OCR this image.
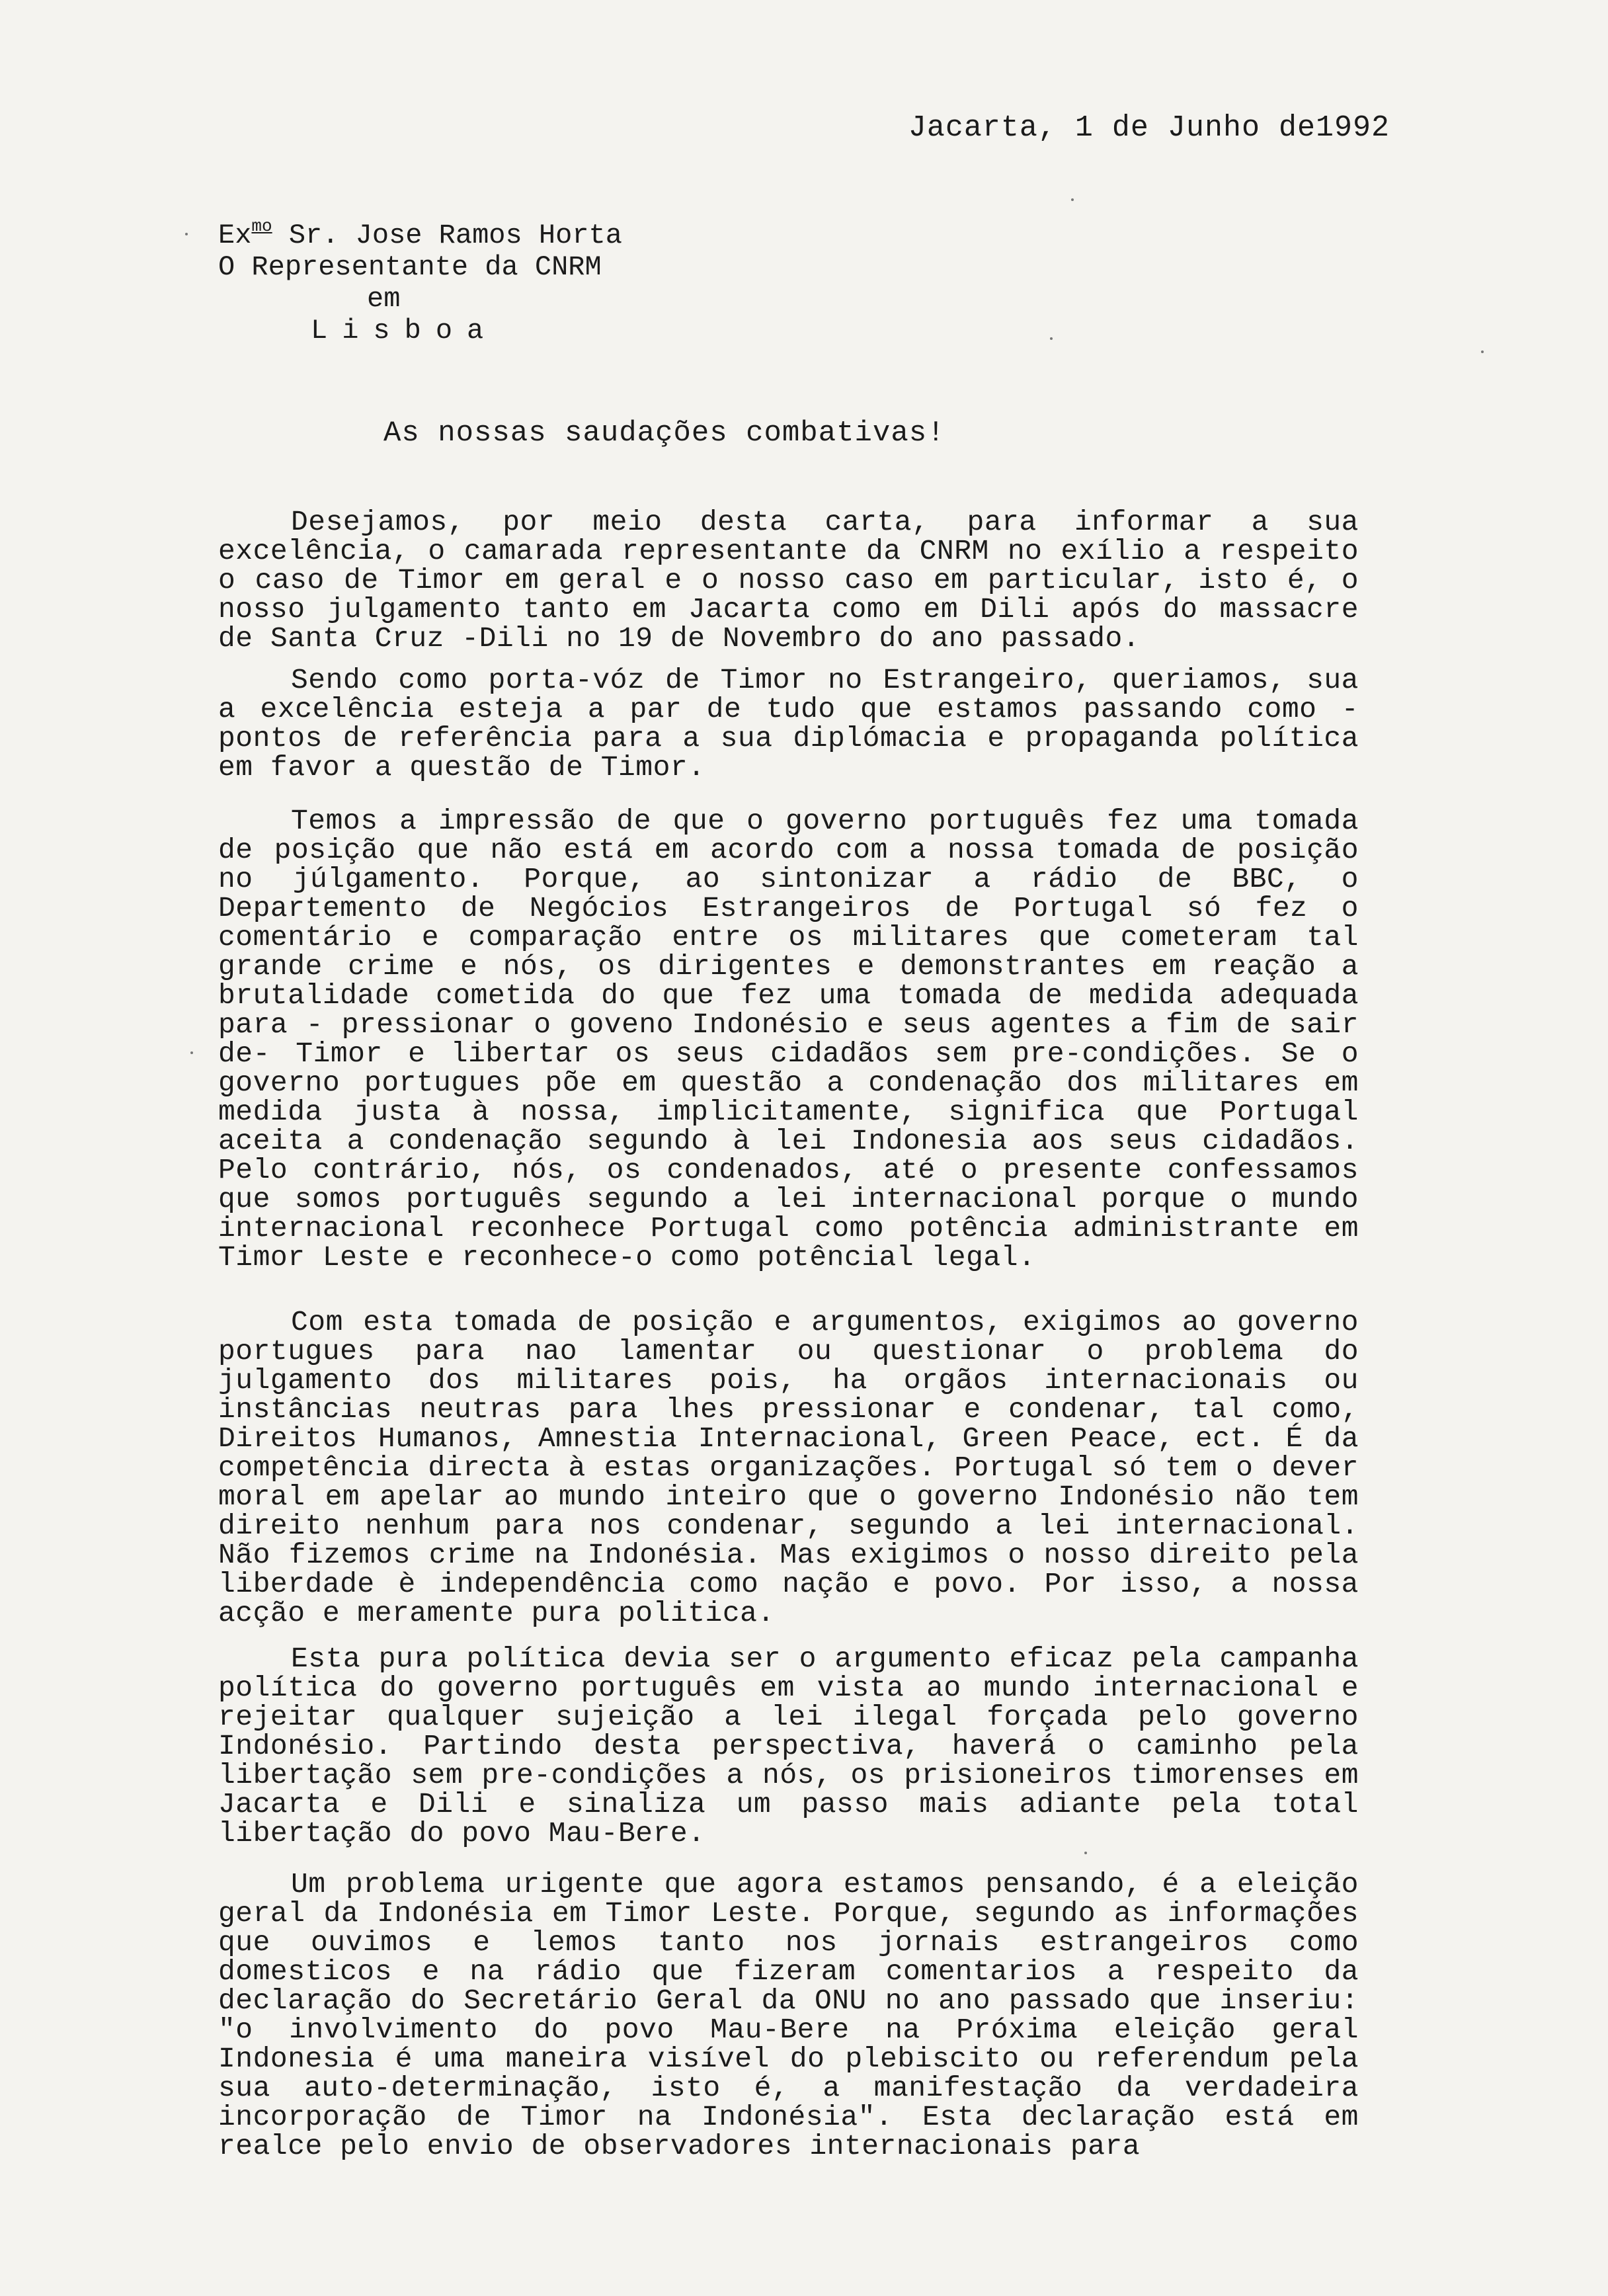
Jacarta, 1 de Junho de1992
$Ex^{mo}$ Sr. Jose Ramos Horta
O Representante da CNRM
em
Lisboa
As nossas saudações combativas!
Desejamos, por meio desta carta, para informar a sua excelência, o camarada representante da CNRM no exílio a respeito o caso de Timor em geral e o nosso caso em particular, isto é, o nosso julgamento tanto em Jacarta como em Dili após do massacre de Santa Cruz -Dili no 19 de Novembro do ano passado.
Sendo como porta-vóz de Timor no Estrangeiro, queriamos, sua a excelência esteja a par de tudo que estamos passando como - pontos de referência para a sua diplómacia e propaganda política em favor a questão de Timor.
Temos a impressão de que o governo português fez uma tomada de posição que não está em acordo com a nossa tomada de posição no júlgamento. Porque, ao sintonizar a rádio de BBC, o Departemento de Negócios Estrangeiros de Portugal só fez o comentário e comparação entre os militares que cometeram tal grande crime e nós, os dirigentes e demonstrantes em reação a brutalidade cometida do que fez uma tomada de medida adequada para - pressionar o goveno Indonésio e seus agentes a fim de sair de- Timor e libertar os seus cidadãos sem pre-condições. Se o governo portugues põe em questão a condenação dos militares em medida justa à nossa, implicitamente, significa que Portugal aceita a condenação segundo à lei Indonesia aos seus cidadãos. Pelo contrário, nós, os condenados, até o presente confessamos que somos português segundo a lei internacional porque o mundo internacional reconhece Portugal como potência administrante em Timor Leste e reconhece-o como potêncial legal.
Com esta tomada de posição e argumentos, exigimos ao governo portugues para nao lamentar ou questionar o problema do julgamento dos militares pois, ha orgãos internacionais ou instâncias neutras para lhes pressionar e condenar, tal como, Direitos Humanos, Amnestia Internacional, Green Peace, ect. É da competência directa à estas organizações. Portugal só tem o dever moral em apelar ao mundo inteiro que o governo Indonésio não tem direito nenhum para nos condenar, segundo a lei internacional. Não fizemos crime na Indonésia. Mas exigimos o nosso direito pela liberdade è independência como nação e povo. Por isso, a nossa acção e meramente pura politica.
Esta pura política devia ser o argumento eficaz pela campanha política do governo português em vista ao mundo internacional e rejeitar qualquer sujeição a lei ilegal forçada pelo governo Indonésio. Partindo desta perspectiva, haverá o caminho pela libertação sem pre-condições a nós, os prisioneiros timorenses em Jacarta e Dili e sinaliza um passo mais adiante pela total libertação do povo Mau-Bere.
Um problema urigente que agora estamos pensando, é a eleição geral da Indonésia em Timor Leste. Porque, segundo as informações que ouvimos e lemos tanto nos jornais estrangeiros como domesticos e na rádio que fizeram comentarios a respeito da declaração do Secretário Geral da ONU no ano passado que inseriu: "o involvimento do povo Mau-Bere na Próxima eleição geral Indonesia é uma maneira visível do plebiscito ou referendum pela sua auto-determinação, isto é, a manifestação da verdadeira incorporação de Timor na Indonésia". Esta declaração está em realce pelo envio de observadores internacionais para
